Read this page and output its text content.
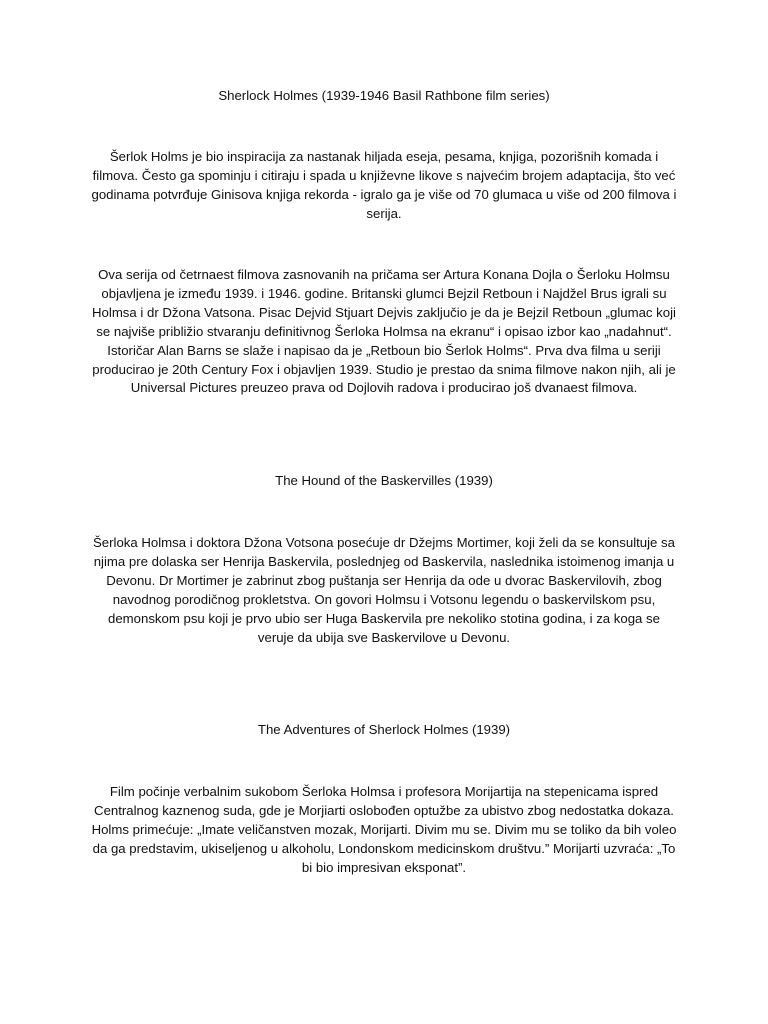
Sherlock Holmes (1939-1946 Basil Rathbone film series)

Šerlok Holms je bio inspiracija za nastanak hiljada eseja, pesama, knjiga, pozorišnih komada i filmova. Često ga spominju i citiraju i spada u književne likove s najvećim brojem adaptacija, što već godinama potvrđuje Ginisova knjiga rekorda - igralo ga je više od 70 glumaca u više od 200 filmova i serija.

Ova serija od četrnaest filmova zasnovanih na pričama ser Artura Konana Dojla o Šerloku Holmsu objavljena je između 1939. i 1946. godine. Britanski glumci Bejzil Retboun i Najdžel Brus igrali su Holmsa i dr Džona Vatsona. Pisac Dejvid Stjuart Dejvis zaključio je da je Bejzil Retboun „glumac koji se najviše približio stvaranju definitivnog Šerloka Holmsa na ekranu“ i opisao izbor kao „nadahnut“. Istoričar Alan Barns se slaže i napisao da je „Retboun bio Šerlok Holms“. Prva dva filma u seriji producirao je 20th Century Fox i objavljen 1939. Studio je prestao da snima filmove nakon njih, ali je Universal Pictures preuzeo prava od Dojlovih radova i producirao još dvanaest filmova.

The Hound of the Baskervilles (1939)

Šerloka Holmsa i doktora Džona Votsona posećuje dr Džejms Mortimer, koji želi da se konsultuje sa njima pre dolaska ser Henrija Baskervila, poslednjeg od Baskervila, naslednika istoimenog imanja u Devonu. Dr Mortimer je zabrinut zbog puštanja ser Henrija da ode u dvorac Baskervilovih, zbog navodnog porodičnog prokletstva. On govori Holmsu i Votsonu legendu o baskervilskom psu, demonskom psu koji je prvo ubio ser Huga Baskervila pre nekoliko stotina godina, i za koga se veruje da ubija sve Baskervilove u Devonu.

The Adventures of Sherlock Holmes (1939)

Film počinje verbalnim sukobom Šerloka Holmsa i profesora Morijartija na stepenicama ispred Centralnog kaznenog suda, gde je Morjiarti oslobođen optužbe za ubistvo zbog nedostatka dokaza. Holms primećuje: „Imate veličanstven mozak, Morijarti. Divim mu se. Divim mu se toliko da bih voleo da ga predstavim, ukiseljenog u alkoholu, Londonskom medicinskom društvu.” Morijarti uzvraća: „To bi bio impresivan eksponat”.
